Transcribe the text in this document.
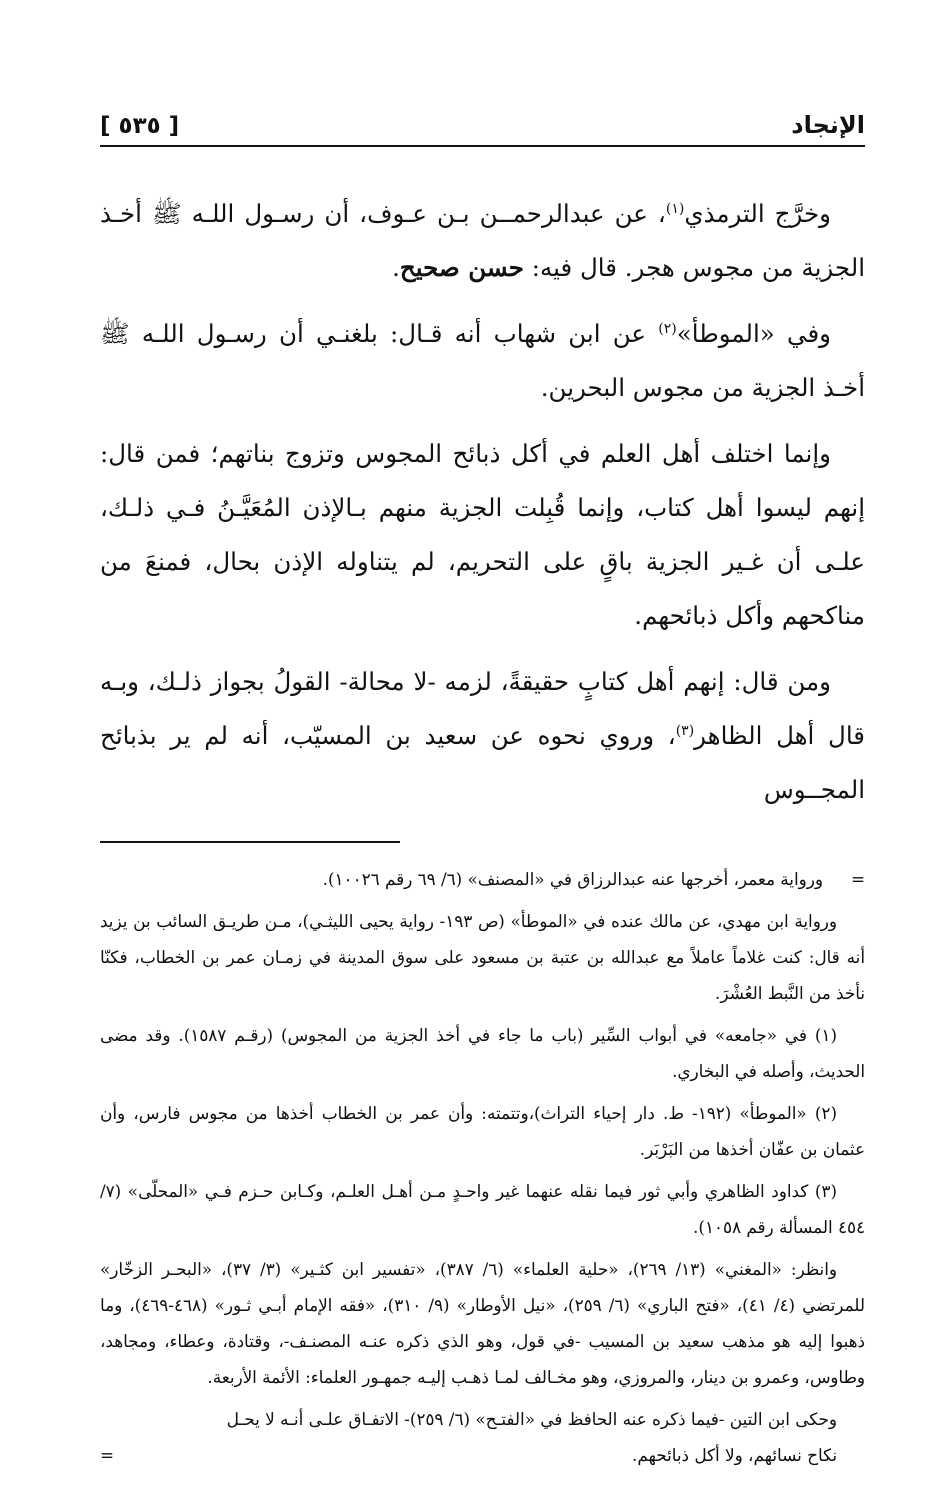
الإنجاد
[ ٥٣٥ ]

وخرَّج الترمذي$^{(١)}$، عن عبدالرحمــن بـن عـوف، أن رسـول اللـه ﷺ أخـذ الجزية من مجوس هجر. قال فيه: حسن صحيح.

وفي «الموطأ»$^{(٢)}$ عن ابن شهاب أنه قـال: بلغنـي أن رسـول اللـه ﷺ أخـذ الجزية من مجوس البحرين.

وإنما اختلف أهل العلم في أكل ذبائح المجوس وتزوج بناتهم؛ فمن قال: إنهم ليسوا أهل كتاب، وإنما قُبِلت الجزية منهم بـالإذن المُعَيَّـنُ فـي ذلـك، علـى أن غـير الجزية باقٍ على التحريم، لم يتناوله الإذن بحال، فمنعَ من مناكحهم وأكل ذبائحهم.

ومن قال: إنهم أهل كتابٍ حقيقةً، لزمه -لا محالة- القولُ بجواز ذلـك، وبـه قال أهل الظاهر$^{(٣)}$، وروي نحوه عن سعيد بن المسيّب، أنه لم ير بذبائح المجــوس

=
ورواية معمر، أخرجها عنه عبدالرزاق في «المصنف» (٦/ ٦٩ رقم ١٠٠٢٦).

ورواية ابن مهدي، عن مالك عنده في «الموطأ» (ص ١٩٣- رواية يحيى الليثـي)، مـن طريـق السائب بن يزيد أنه قال: كنت غلاماً عاملاً مع عبدالله بن عتبة بن مسعود على سوق المدينة في زمـان عمر بن الخطاب، فكنّا نأخذ من النَّبط العُشْرَ.

(١) في «جامعه» في أبواب السِّير (باب ما جاء في أخذ الجزية من المجوس) (رقـم ١٥٨٧). وقد مضى الحديث، وأصله في البخاري.

(٢) «الموطأ» (١٩٢- ط. دار إحياء التراث)،وتتمته: وأن عمر بن الخطاب أخذها من مجوس فارس، وأن عثمان بن عفّان أخذها من البَرْبَر.

(٣) كداود الظاهري وأبي ثور فيما نقله عنهما غير واحـدٍ مـن أهـل العلـم، وكـابن حـزم فـي «المحلّى» (٧/ ٤٥٤ المسألة رقم ١٠٥٨).

وانظر: «المغني» (١٣/ ٢٦٩)، «حلية العلماء» (٦/ ٣٨٧)، «تفسير ابن كثـير» (٣/ ٣٧)، «البحـر الزخّار» للمرتضي (٤/ ٤١)، «فتح الباري» (٦/ ٢٥٩)، «نيل الأوطار» (٩/ ٣١٠)، «فقه الإمام أبـي ثـور» (٤٦٨-٤٦٩)، وما ذهبوا إليه هو مذهب سعيد بن المسيب -في قول، وهو الذي ذكره عنـه المصنـف-، وقتادة، وعطاء، ومجاهد، وطاوس، وعمرو بن دينار، والمروزي، وهو مخـالف لمـا ذهـب إليـه جمهـور العلماء: الأئمة الأربعة.

وحكى ابن التين -فيما ذكره عنه الحافظ في «الفتـح» (٦/ ٢٥٩)- الاتفـاق علـى أنـه لا يحـل

نكاح نسائهم، ولا أكل ذبائحهم.
=
